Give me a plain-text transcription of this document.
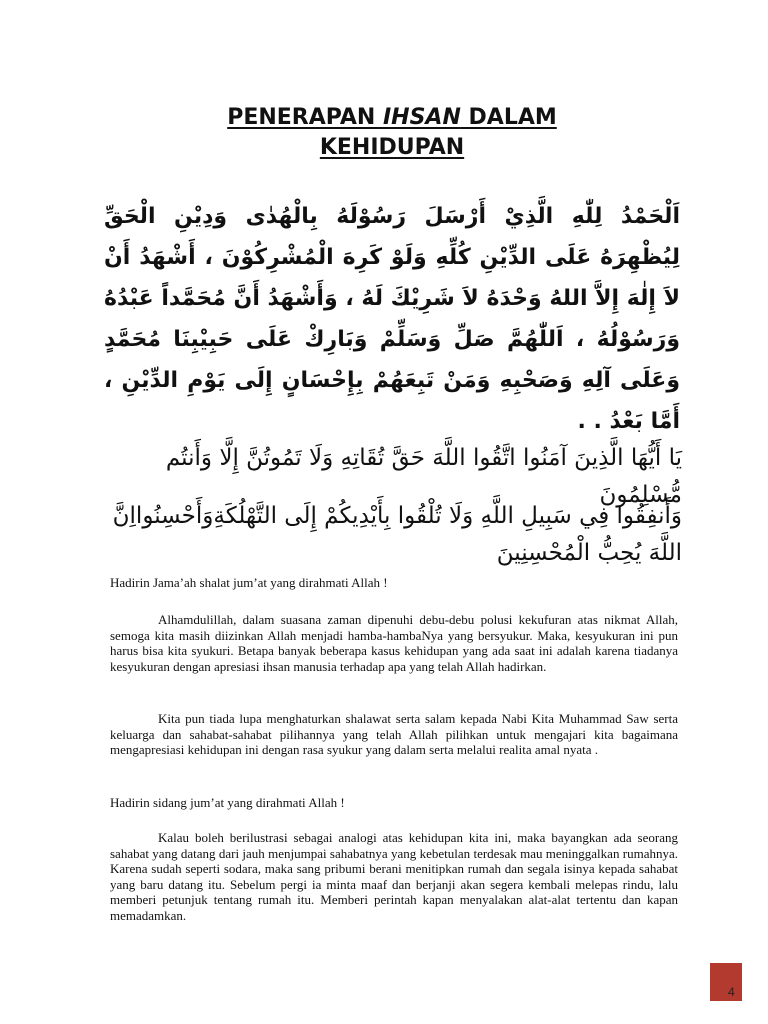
PENERAPAN IHSAN DALAM
KEHIDUPAN

اَلْحَمْدُ لِلّٰهِ الَّذِيْ أَرْسَلَ رَسُوْلَهُ بِالْهُدٰى وَدِيْنِ الْحَقِّ لِيُظْهِرَهُ عَلَى الدِّيْنِ كُلِّهِ وَلَوْ كَرِهَ الْمُشْرِكُوْنَ ، أَشْهَدُ أَنْ لاَ إِلٰهَ إِلاَّ اللهُ وَحْدَهُ لاَ شَرِيْكَ لَهُ ، وَأَشْهَدُ أَنَّ مُحَمَّداً عَبْدُهُ وَرَسُوْلُهُ ، اَللّٰهُمَّ صَلِّ وَسَلِّمْ وَبَارِكْ عَلَى حَبِيْبِنَا مُحَمَّدٍ وَعَلَى آلِهِ وَصَحْبِهِ وَمَنْ تَبِعَهُمْ بِإِحْسَانٍ إِلَى يَوْمِ الدِّيْنِ ، أَمَّا بَعْدُ . .

يَا أَيُّهَا الَّذِينَ آمَنُوا اتَّقُوا اللَّهَ حَقَّ تُقَاتِهِ وَلَا تَمُوتُنَّ إِلَّا وَأَنتُم مُّسْلِمُونَ

وَأَنفِقُوا فِي سَبِيلِ اللَّهِ وَلَا تُلْقُوا بِأَيْدِيكُمْ إِلَى التَّهْلُكَةِوَأَحْسِنُوااِنَّ اللَّهَ يُحِبُّ الْمُحْسِنِينَ

Hadirin Jama’ah shalat jum’at yang dirahmati Allah !

Alhamdulillah, dalam suasana zaman dipenuhi debu-debu polusi kekufuran atas nikmat Allah, semoga kita masih diizinkan Allah menjadi hamba-hambaNya yang bersyukur. Maka, kesyukuran ini pun harus bisa kita syukuri. Betapa banyak beberapa kasus kehidupan yang ada saat ini adalah karena tiadanya kesyukuran dengan apresiasi ihsan manusia terhadap apa yang telah Allah hadirkan.

Kita pun tiada lupa menghaturkan shalawat serta salam kepada Nabi Kita Muhammad Saw serta keluarga dan sahabat-sahabat pilihannya yang telah Allah pilihkan untuk mengajari kita bagaimana mengapresiasi kehidupan ini dengan rasa syukur yang dalam serta melalui realita amal nyata .

Hadirin sidang jum’at yang dirahmati Allah !

Kalau boleh berilustrasi sebagai analogi atas kehidupan kita ini, maka bayangkan ada seorang sahabat yang datang dari jauh menjumpai sahabatnya yang kebetulan terdesak mau meninggalkan rumahnya. Karena sudah seperti sodara, maka sang pribumi berani menitipkan rumah dan segala isinya kepada sahabat yang baru datang itu. Sebelum pergi ia minta maaf dan berjanji akan segera kembali melepas rindu, lalu memberi petunjuk tentang rumah itu. Memberi perintah kapan menyalakan alat-alat tertentu dan kapan memadamkan.

4
